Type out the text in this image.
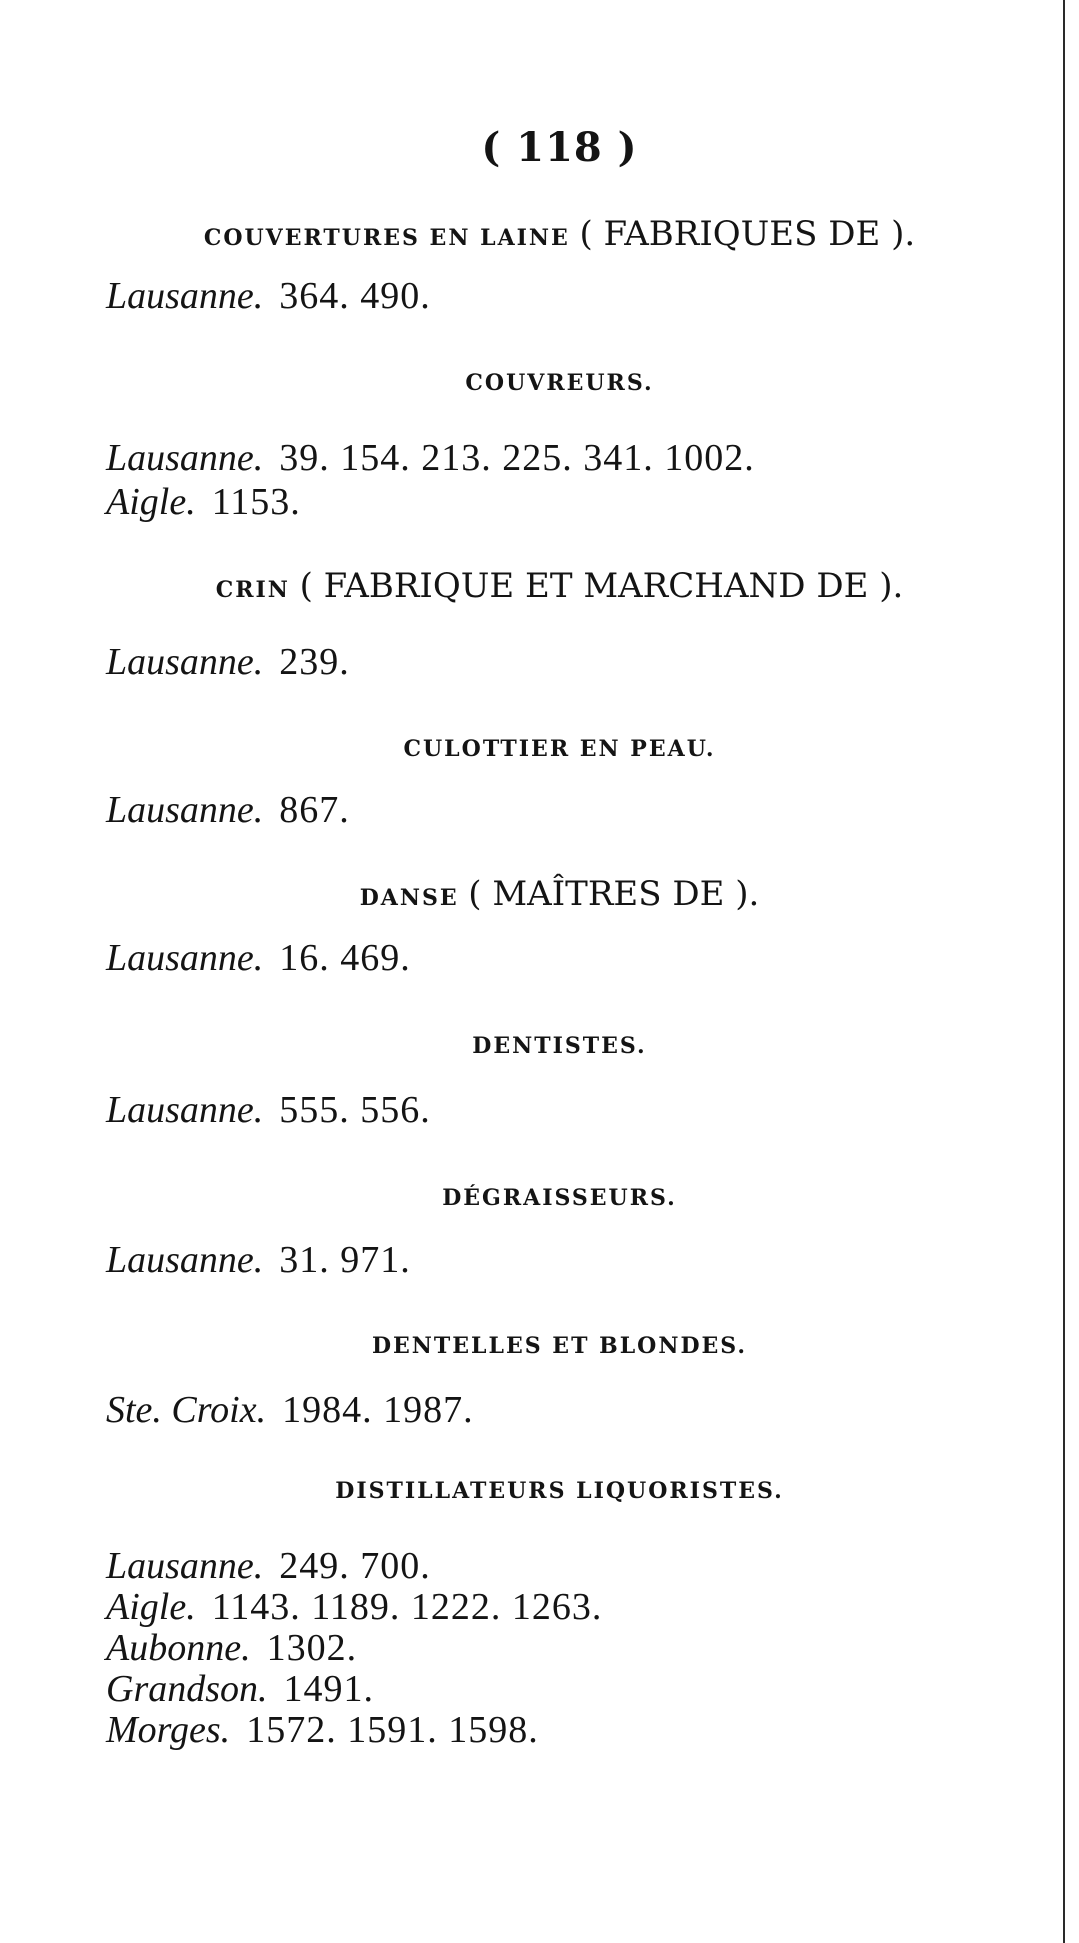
( 118 )
COUVERTURES EN LAINE ( FABRIQUES DE ).
Lausanne. 364. 490.
COUVREURS.
Lausanne. 39. 154. 213. 225. 341. 1002.
Aigle. 1153.
CRIN ( FABRIQUE ET MARCHAND DE ).
Lausanne. 239.
CULOTTIER EN PEAU.
Lausanne. 867.
DANSE ( MAÎTRES DE ).
Lausanne. 16. 469.
DENTISTES.
Lausanne. 555. 556.
DÉGRAISSEURS.
Lausanne. 31. 971.
DENTELLES ET BLONDES.
Ste. Croix. 1984. 1987.
DISTILLATEURS LIQUORISTES.
Lausanne. 249. 700.
Aigle. 1143. 1189. 1222. 1263.
Aubonne. 1302.
Grandson. 1491.
Morges. 1572. 1591. 1598.
